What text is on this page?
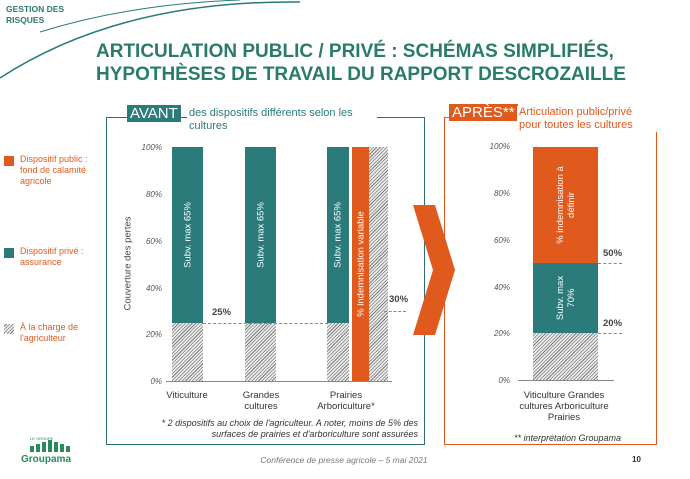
GESTION DES RISQUES
ARTICULATION PUBLIC / PRIVÉ : SCHÉMAS SIMPLIFIÉS, HYPOTHÈSES DE TRAVAIL DU RAPPORT DESCROZAILLE
Dispositif public : fond de calamité agricole
Dispositif privé : assurance
À la charge de l'agriculteur
AVANT des dispositifs différents selon les cultures
Couverture des pertes
100%
80%
60%
40%
20%
0%
Subv. max 65%	Subv. max 65%	Subv. max 65% % indemnisation variable
25%
30%
Viticulture	Grandes cultures
Prairies Arboriculture*
* 2 dispositifs au choix de l'agriculteur. A noter, moins de 5% des surfaces de prairies et d'arboriculture sont assurées
APRÈS** Articulation public/privé pour toutes les cultures
100%
80%
60%
40%
20%
0%
% indemnisation à définir
Subv. max 70%
50%
20%
Viticulture Grandes cultures Arboriculture Prairies
** interprétation Groupama
LE GROUPE
Groupama	Conférence de presse agricole – 5 mai 2021	10
